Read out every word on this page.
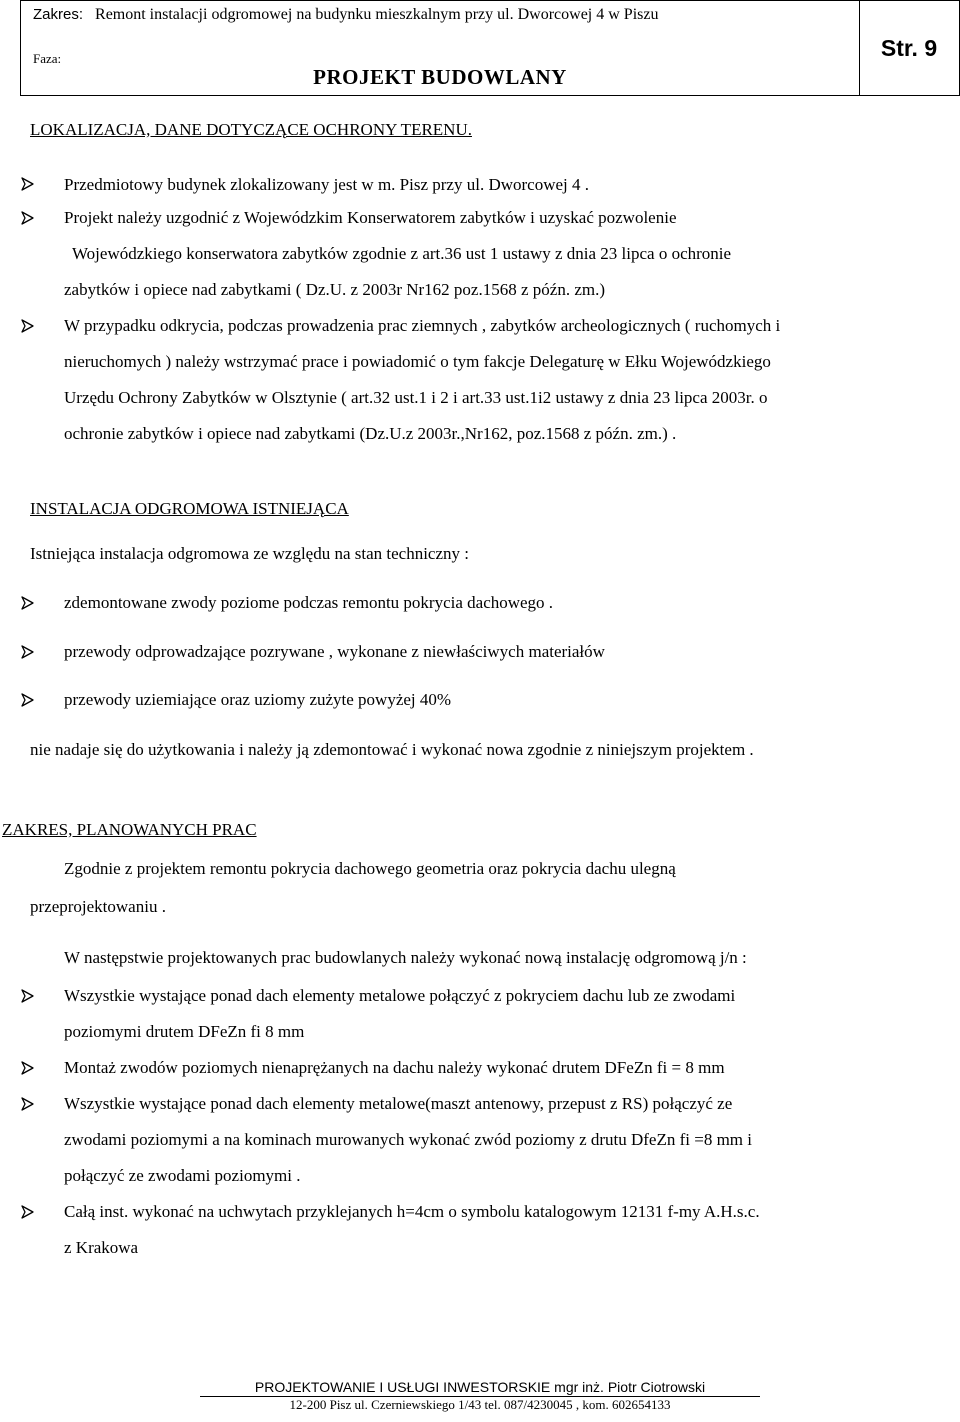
Zakres: Remont instalacji odgromowej na budynku mieszkalnym przy ul. Dworcowej 4 w Piszu
Faza:
PROJEKT BUDOWLANY
Str. 9
LOKALIZACJA, DANE DOTYCZĄCE OCHRONY TERENU.
Przedmiotowy budynek zlokalizowany jest w m. Pisz przy ul. Dworcowej 4 .
Projekt należy uzgodnić z Wojewódzkim Konserwatorem zabytków i uzyskać pozwolenie
Wojewódzkiego konserwatora zabytków zgodnie z art.36 ust 1 ustawy z dnia 23 lipca o ochronie
zabytków i opiece nad zabytkami ( Dz.U. z 2003r Nr162 poz.1568 z późn. zm.)
W przypadku odkrycia, podczas prowadzenia prac ziemnych , zabytków archeologicznych ( ruchomych i
nieruchomych ) należy wstrzymać prace i powiadomić o tym fakcje Delegaturę w Ełku Wojewódzkiego
Urzędu Ochrony Zabytków w Olsztynie ( art.32 ust.1 i 2 i art.33 ust.1i2 ustawy z dnia 23 lipca 2003r. o
ochronie zabytków i opiece nad zabytkami (Dz.U.z 2003r.,Nr162, poz.1568 z późn. zm.) .
INSTALACJA ODGROMOWA ISTNIEJĄCA
Istniejąca instalacja odgromowa ze względu na stan techniczny :
zdemontowane zwody poziome podczas remontu pokrycia dachowego .
przewody odprowadzające pozrywane , wykonane z niewłaściwych materiałów
przewody uziemiające oraz uziomy zużyte powyżej 40%
nie nadaje się do użytkowania i należy ją zdemontować i wykonać nowa zgodnie z niniejszym projektem .
ZAKRES, PLANOWANYCH PRAC
Zgodnie z projektem remontu pokrycia dachowego geometria oraz pokrycia dachu ulegną
przeprojektowaniu .
W następstwie projektowanych prac budowlanych należy wykonać nową instalację odgromową j/n :
Wszystkie wystające ponad dach elementy metalowe połączyć z pokryciem dachu lub ze zwodami
poziomymi drutem DFeZn fi 8 mm
Montaż zwodów poziomych nienaprężanych na dachu należy wykonać drutem DFeZn fi = 8 mm
Wszystkie wystające ponad dach elementy metalowe(maszt antenowy, przepust z RS) połączyć ze
zwodami poziomymi a na kominach murowanych wykonać zwód poziomy z drutu DfeZn fi =8 mm i
połączyć ze zwodami poziomymi .
Całą inst. wykonać na uchwytach przyklejanych h=4cm o symbolu katalogowym 12131 f-my A.H.s.c.
z Krakowa
PROJEKTOWANIE I USŁUGI INWESTORSKIE mgr inż. Piotr Ciotrowski
12-200 Pisz ul. Czerniewskiego 1/43 tel. 087/4230045 , kom. 602654133
